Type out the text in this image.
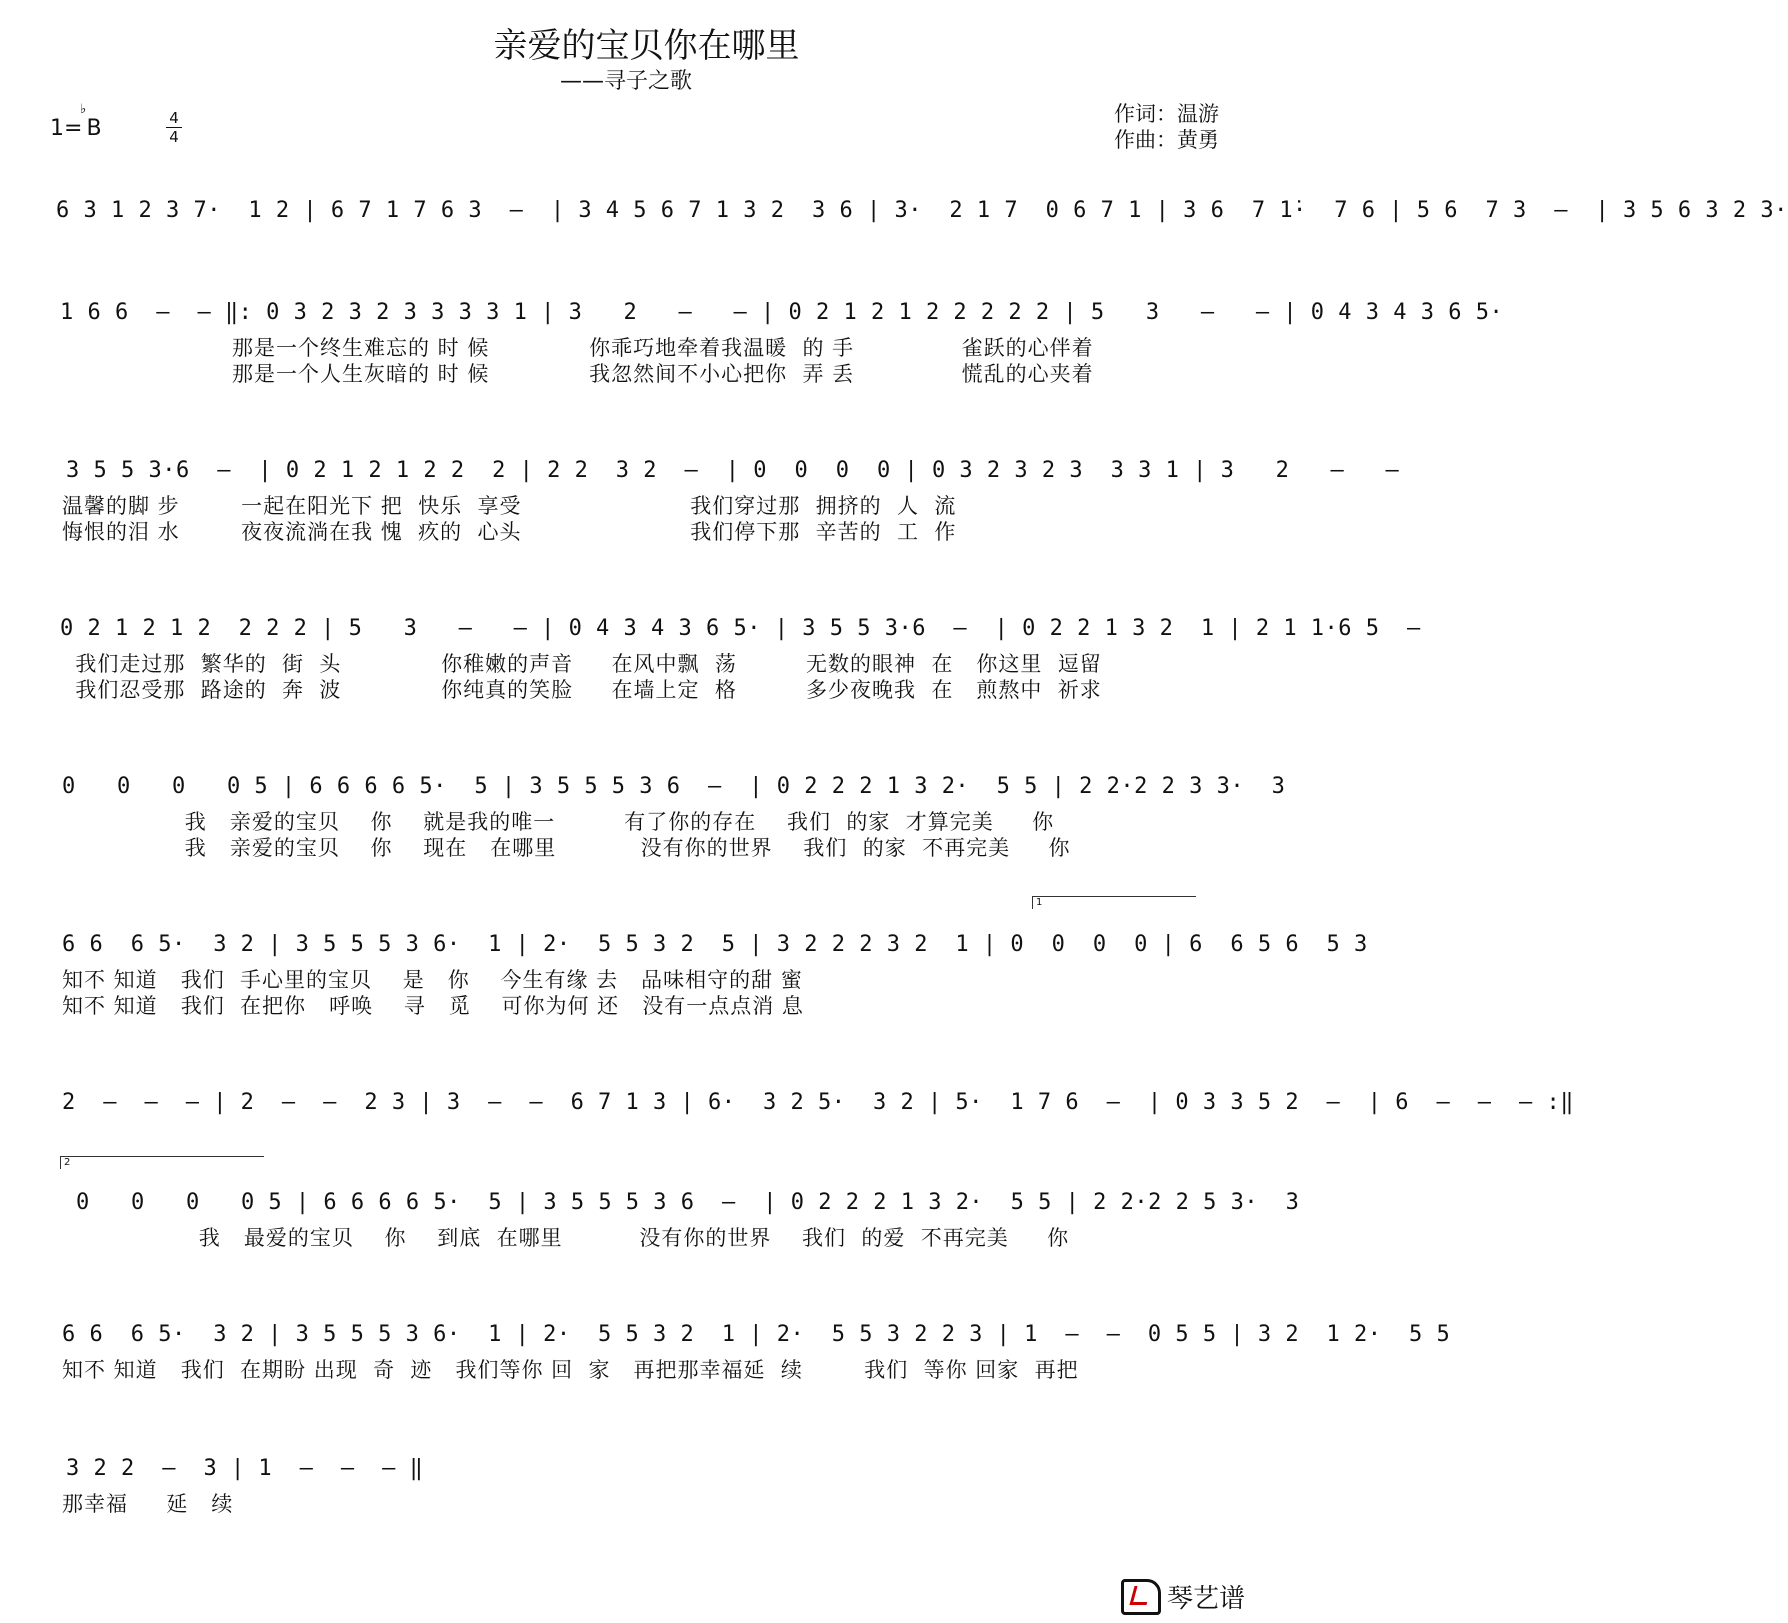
亲爱的宝贝你在哪里
——寻子之歌
1=
♭
B	4
4
作词：温游
作曲：黄勇
6 3 1 2 3 7·  1 2 | 6 7 1 7 6 3  —  | 3 4 5 6 7 1 3 2  3 6 | 3·  2 1 7  0 6 7 1 | 3 6  7 1̇·  7 6 | 5 6  7 3  —  | 3 5 6 3 2 3·
1 6 6  —  — ‖: 0 3 2 3 2 3 3 3 3 1 | 3   2   —   — | 0 2 1 2 1 2 2 2 2 2 | 5   3   —   — | 0 4 3 4 3 6 5·
那是一个终生难忘的 时 候             你乖巧地牵着我温暖  的 手              雀跃的心伴着
那是一个人生灰暗的 时 候             我忽然间不小心把你  弄 丢              慌乱的心夹着
3 5 5 3·6  —  | 0 2 1 2 1 2 2  2 | 2 2  3 2  —  | 0  0  0  0 | 0 3 2 3 2 3  3 3 1 | 3   2   —   —
温馨的脚 步        一起在阳光下 把  快乐  享受                      我们穿过那  拥挤的  人  流
悔恨的泪 水        夜夜流淌在我 愧  疚的  心头                      我们停下那  辛苦的  工  作
0 2 1 2 1 2  2 2 2 | 5   3   —   — | 0 4 3 4 3 6 5· | 3 5 5 3·6  —  | 0 2 2 1 3 2  1 | 2 1 1·6 5  —
我们走过那  繁华的  街  头             你稚嫩的声音     在风中飘  荡         无数的眼神  在   你这里  逗留
我们忍受那  路途的  奔  波             你纯真的笑脸     在墙上定  格         多少夜晚我  在   煎熬中  祈求
0   0   0   0 5 | 6 6 6 6 5·  5 | 3 5 5 5 3 6  —  | 0 2 2 2 1 3 2·  5 5 | 2 2·2 2 3 3·  3
我   亲爱的宝贝    你    就是我的唯一         有了你的存在    我们  的家  才算完美     你
我   亲爱的宝贝    你    现在   在哪里           没有你的世界    我们  的家  不再完美     你
1
6 6  6 5·  3 2 | 3 5 5 5 3 6·  1 | 2·  5 5 3 2  5 | 3 2 2 2 3 2  1 | 0  0  0  0 | 6  6 5 6  5 3
知不 知道   我们  手心里的宝贝    是   你    今生有缘 去   品味相守的甜 蜜
知不 知道   我们  在把你   呼唤    寻   觅    可你为何 还   没有一点点消 息
2  —  —  — | 2  —  —  2 3 | 3  —  —  6 7 1 3 | 6·  3 2 5·  3 2 | 5·  1 7 6  —  | 0 3 3 5 2  —  | 6  —  —  — :‖
2
0   0   0   0 5 | 6 6 6 6 5·  5 | 3 5 5 5 3 6  —  | 0 2 2 2 1 3 2·  5 5 | 2 2·2 2 5 3·  3
我   最爱的宝贝    你    到底  在哪里          没有你的世界    我们  的爱  不再完美     你
6 6  6 5·  3 2 | 3 5 5 5 3 6·  1 | 2·  5 5 3 2  1 | 2·  5 5 3 2 2 3 | 1  —  —  0 5 5 | 3 2  1 2·  5 5
知不 知道   我们  在期盼 出现  奇  迹   我们等你 回  家   再把那幸福延  续        我们  等你 回家  再把
3 2 2  —  3 | 1  —  —  — ‖
那幸福     延   续
琴艺谱
